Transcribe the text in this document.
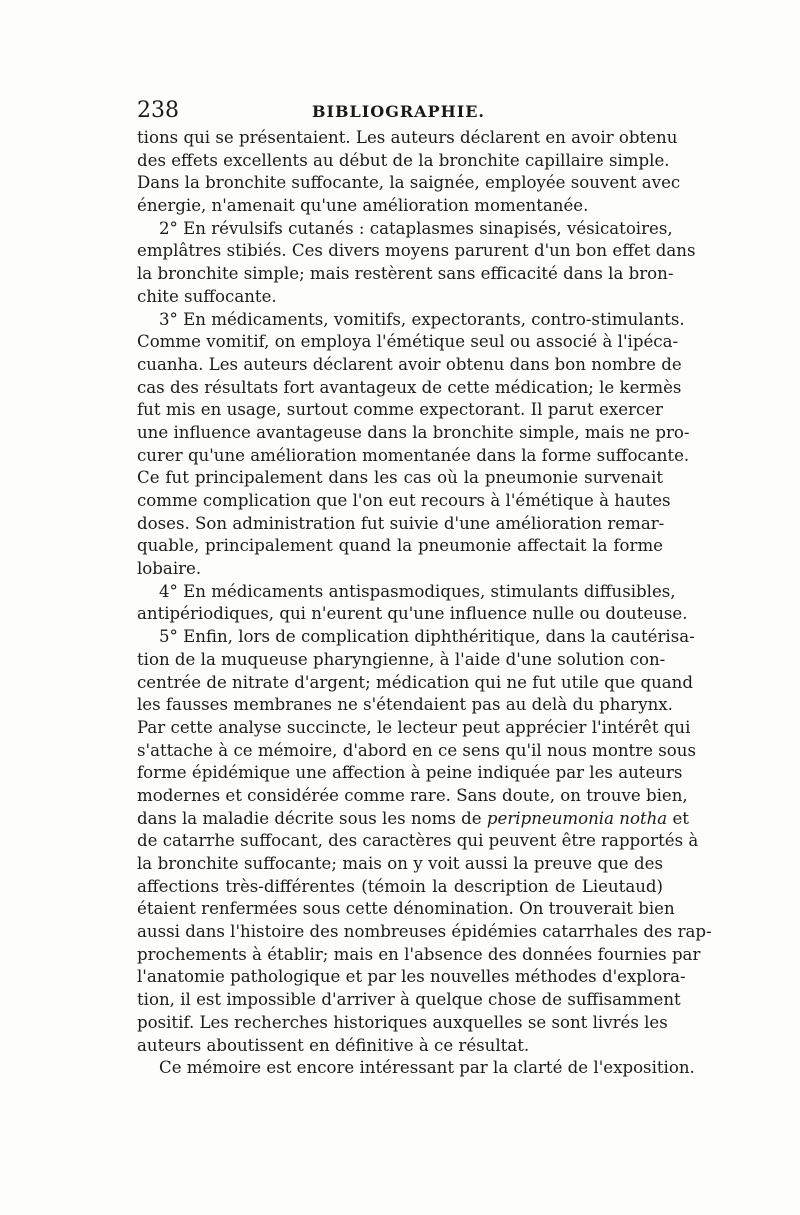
238	BIBLIOGRAPHIE.
tions qui se présentaient. Les auteurs déclarent en avoir obtenu
des effets excellents au début de la bronchite capillaire simple.
Dans la bronchite suffocante, la saignée, employée souvent avec
énergie, n'amenait qu'une amélioration momentanée.
2° En révulsifs cutanés : cataplasmes sinapisés, vésicatoires,
emplâtres stibiés. Ces divers moyens parurent d'un bon effet dans
la bronchite simple; mais restèrent sans efficacité dans la bron-
chite suffocante.
3° En médicaments, vomitifs, expectorants, contro-stimulants.
Comme vomitif, on employa l'émétique seul ou associé à l'ipéca-
cuanha. Les auteurs déclarent avoir obtenu dans bon nombre de
cas des résultats fort avantageux de cette médication; le kermès
fut mis en usage, surtout comme expectorant. Il parut exercer
une influence avantageuse dans la bronchite simple, mais ne pro-
curer qu'une amélioration momentanée dans la forme suffocante.
Ce fut principalement dans les cas où la pneumonie survenait
comme complication que l'on eut recours à l'émétique à hautes
doses. Son administration fut suivie d'une amélioration remar-
quable, principalement quand la pneumonie affectait la forme
lobaire.
4° En médicaments antispasmodiques, stimulants diffusibles,
antipériodiques, qui n'eurent qu'une influence nulle ou douteuse.
5° Enfin, lors de complication diphthéritique, dans la cautérisa-
tion de la muqueuse pharyngienne, à l'aide d'une solution con-
centrée de nitrate d'argent; médication qui ne fut utile que quand
les fausses membranes ne s'étendaient pas au delà du pharynx.
Par cette analyse succincte, le lecteur peut apprécier l'intérêt qui
s'attache à ce mémoire, d'abord en ce sens qu'il nous montre sous
forme épidémique une affection à peine indiquée par les auteurs
modernes et considérée comme rare. Sans doute, on trouve bien,
dans la maladie décrite sous les noms de peripneumonia notha et
de catarrhe suffocant, des caractères qui peuvent être rapportés à
la bronchite suffocante; mais on y voit aussi la preuve que des
affections très-différentes (témoin la description de Lieutaud)
étaient renfermées sous cette dénomination. On trouverait bien
aussi dans l'histoire des nombreuses épidémies catarrhales des rap-
prochements à établir; mais en l'absence des données fournies par
l'anatomie pathologique et par les nouvelles méthodes d'explora-
tion, il est impossible d'arriver à quelque chose de suffisamment
positif. Les recherches historiques auxquelles se sont livrés les
auteurs aboutissent en définitive à ce résultat.
Ce mémoire est encore intéressant par la clarté de l'exposition.
